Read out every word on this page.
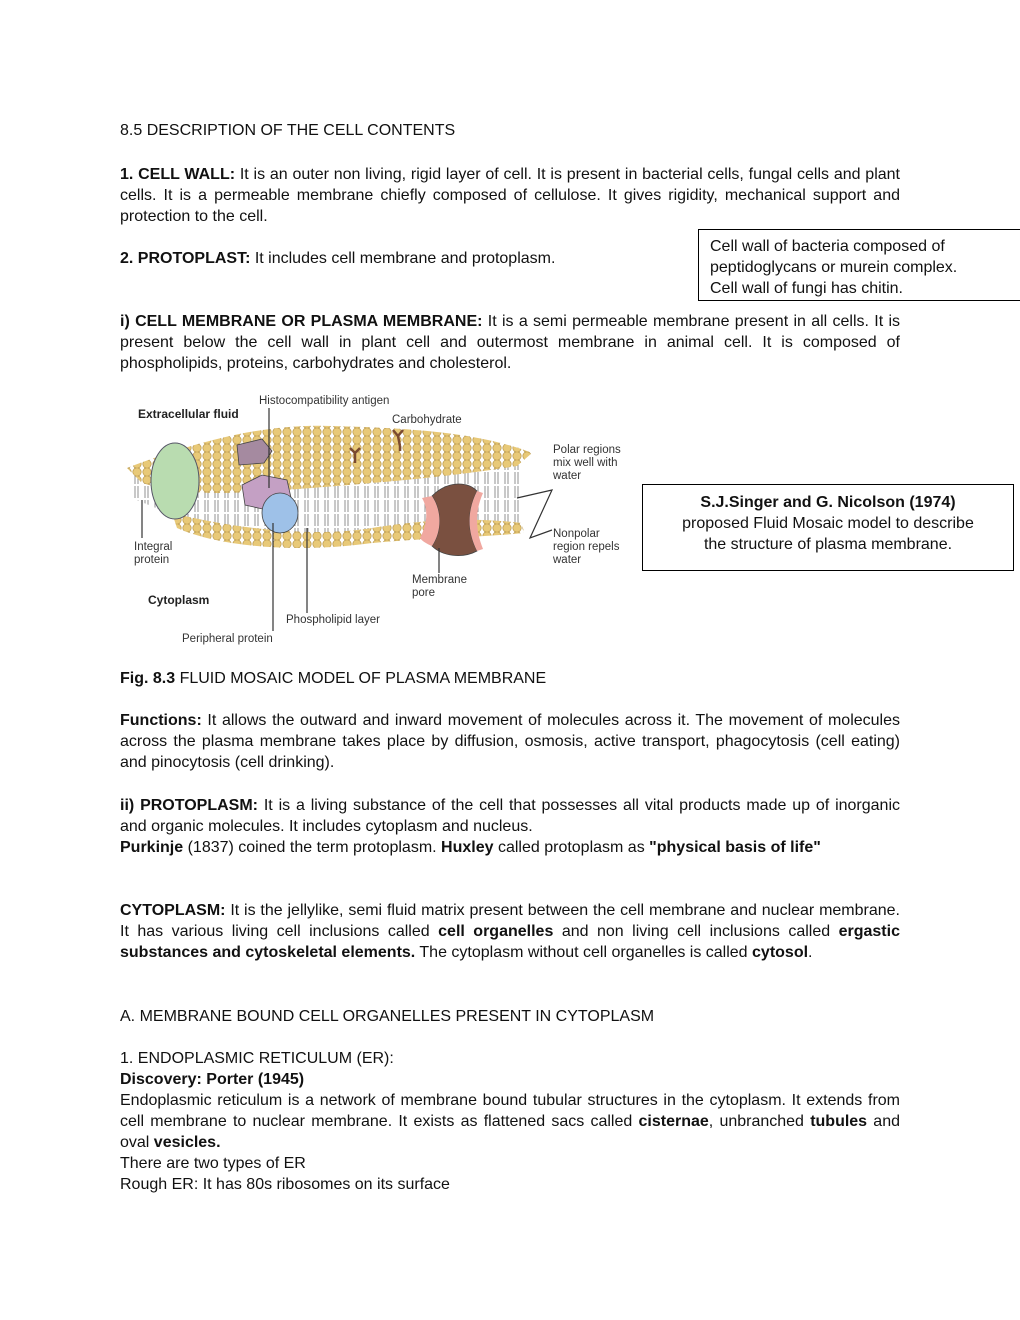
8.5 DESCRIPTION OF THE CELL CONTENTS
1. CELL WALL: It is an outer non living, rigid layer of cell. It is present in bacterial cells, fungal cells and plant cells. It is a permeable membrane chiefly composed of cellulose. It gives rigidity, mechanical support and protection to the cell.
2. PROTOPLAST: It includes cell membrane and protoplasm.
Cell wall of bacteria composed of
peptidoglycans or murein complex.
Cell wall of fungi has chitin.
i) CELL MEMBRANE OR PLASMA MEMBRANE: It is a semi permeable membrane present in all cells. It is present below the cell wall in plant cell and outermost membrane in animal cell. It is composed of phospholipids, proteins, carbohydrates and cholesterol.
Histocompatibility antigen
Extracellular fluid	Carbohydrate
Polar regions mix well with water
Nonpolar region repels water
Integral protein
Membrane pore
Cytoplasm
Phospholipid layer
Peripheral protein
S.J.Singer and G. Nicolson (1974)
proposed Fluid Mosaic model to describe
the structure of plasma membrane.
Fig. 8.3 FLUID MOSAIC MODEL OF PLASMA MEMBRANE
Functions: It allows the outward and inward movement of molecules across it. The movement of molecules across the plasma membrane takes place by diffusion, osmosis, active transport, phagocytosis (cell eating) and pinocytosis (cell drinking).
ii) PROTOPLASM: It is a living substance of the cell that possesses all vital products made up of inorganic and organic molecules. It includes cytoplasm and nucleus.
Purkinje (1837) coined the term protoplasm. Huxley called protoplasm as "physical basis of life"
CYTOPLASM: It is the jellylike, semi fluid matrix present between the cell membrane and nuclear membrane. It has various living cell inclusions called cell organelles and non living cell inclusions called ergastic substances and cytoskeletal elements. The cytoplasm without cell organelles is called cytosol.
A. MEMBRANE BOUND CELL ORGANELLES PRESENT IN CYTOPLASM
1. ENDOPLASMIC RETICULUM (ER):
Discovery: Porter (1945)
Endoplasmic reticulum is a network of membrane bound tubular structures in the cytoplasm. It extends from cell membrane to nuclear membrane. It exists as flattened sacs called cisternae, unbranched tubules and oval vesicles.
There are two types of ER
Rough ER: It has 80s ribosomes on its surface
